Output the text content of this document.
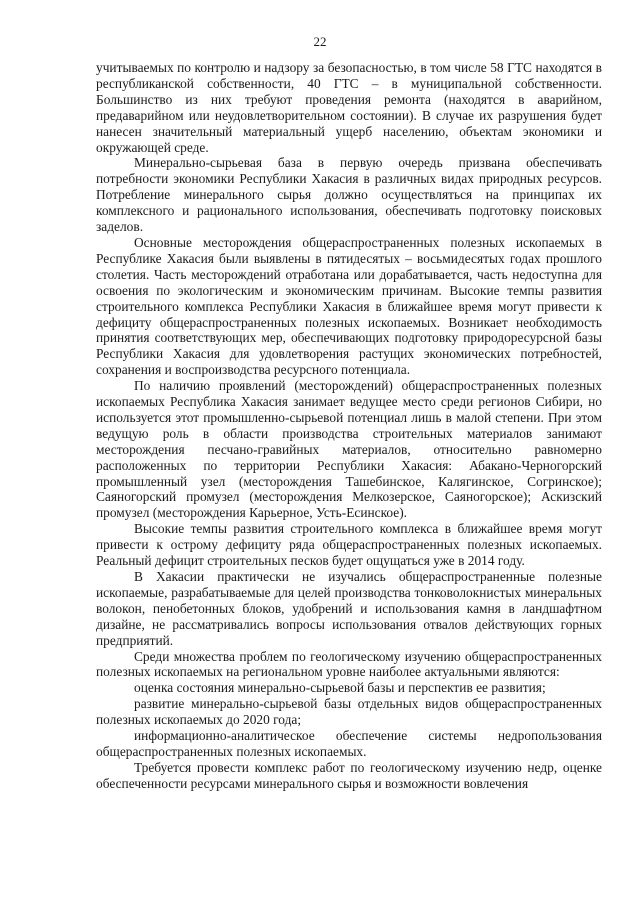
22

учитываемых по контролю и надзору за безопасностью, в том числе 58 ГТС находятся в республиканской собственности, 40 ГТС – в муниципальной собственности. Большинство из них требуют проведения ремонта (находятся в аварийном, предаварийном или неудовлетворительном состоянии). В случае их разрушения будет нанесен значительный материальный ущерб населению, объектам экономики и окружающей среде.

Минерально-сырьевая база в первую очередь призвана обеспечивать потребности экономики Республики Хакасия в различных видах природных ресурсов. Потребление минерального сырья должно осуществляться на принципах их комплексного и рационального использования, обеспечивать подготовку поисковых заделов.

Основные месторождения общераспространенных полезных ископаемых в Республике Хакасия были выявлены в пятидесятых – восьмидесятых годах прошлого столетия. Часть месторождений отработана или дорабатывается, часть недоступна для освоения по экологическим и экономическим причинам. Высокие темпы развития строительного комплекса Республики Хакасия в ближайшее время могут привести к дефициту общераспространенных полезных ископаемых. Возникает необходимость принятия соответствующих мер, обеспечивающих подготовку природоресурсной базы Республики Хакасия для удовлетворения растущих экономических потребностей, сохранения и воспроизводства ресурсного потенциала.

По наличию проявлений (месторождений) общераспространенных полезных ископаемых Республика Хакасия занимает ведущее место среди регионов Сибири, но используется этот промышленно-сырьевой потенциал лишь в малой степени. При этом ведущую роль в области производства строительных материалов занимают месторождения песчано-гравийных материалов, относительно равномерно расположенных по территории Республики Хакасия: Абакано-Черногорский промышленный узел (месторождения Ташебинское, Калягинское, Согринское); Саяногорский промузел (месторождения Мелкозерское, Саяногорское); Аскизский промузел (месторождения Карьерное, Усть-Есинское).

Высокие темпы развития строительного комплекса в ближайшее время могут привести к острому дефициту ряда общераспространенных полезных ископаемых. Реальный дефицит строительных песков будет ощущаться уже в 2014 году.

В Хакасии практически не изучались общераспространенные полезные ископаемые, разрабатываемые для целей производства тонковолокнистых минеральных волокон, пенобетонных блоков, удобрений и использования камня в ландшафтном дизайне, не рассматривались вопросы использования отвалов действующих горных предприятий.

Среди множества проблем по геологическому изучению общераспространенных полезных ископаемых на региональном уровне наиболее актуальными являются:

оценка состояния минерально-сырьевой базы и перспектив ее развития;

развитие минерально-сырьевой базы отдельных видов общераспространенных полезных ископаемых до 2020 года;

информационно-аналитическое обеспечение системы недропользования общераспространенных полезных ископаемых.

Требуется провести комплекс работ по геологическому изучению недр, оценке обеспеченности ресурсами минерального сырья и возможности вовлечения
